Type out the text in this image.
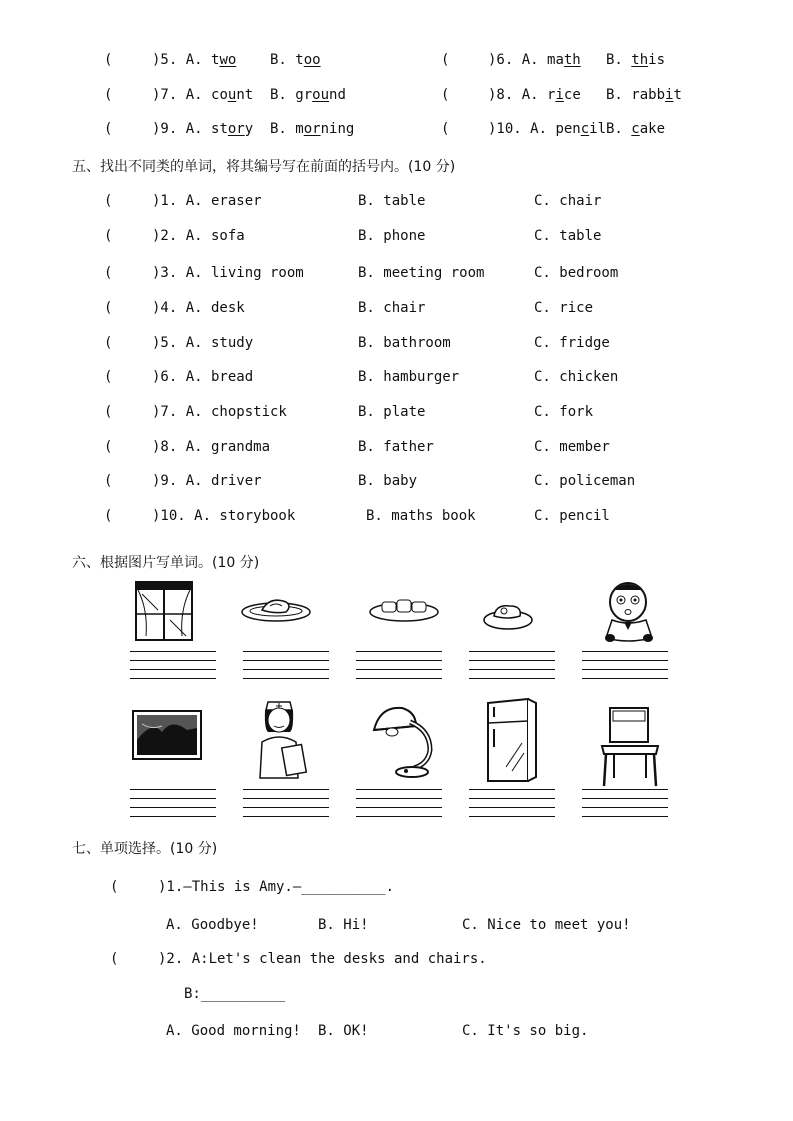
(	)5. A. two B. too	(	)6. A. math B. this
(	)7. A. count B. ground	(	)8. A. rice B. rabbit
(	)9. A. story B. morning	(	)10. A. pencil B. cake
五、找出不同类的单词，将其编号写在前面的括号内。(10 分)
(	)1. A. eraser	B. table	C. chair
(	)2. A. sofa	B. phone	C. table
(	)3. A. living room	B. meeting room	C. bedroom
(	)4. A. desk	B. chair	C. rice
(	)5. A. study	B. bathroom	C. fridge
(	)6. A. bread	B. hamburger	C. chicken
(	)7. A. chopstick	B. plate	C. fork
(	)8. A. grandma	B. father	C. member
(	)9. A. driver	B. baby	C. policeman
(	)10. A. storybook	B. maths book	C. pencil
六、根据图片写单词。(10 分)
七、单项选择。(10 分)
(	)1.—This is Amy.—__________.
A. Goodbye!	B. Hi!	C. Nice to meet you!
(	)2. A:Let's clean the desks and chairs.
B:__________
A. Good morning! B. OK!	C. It's so big.
